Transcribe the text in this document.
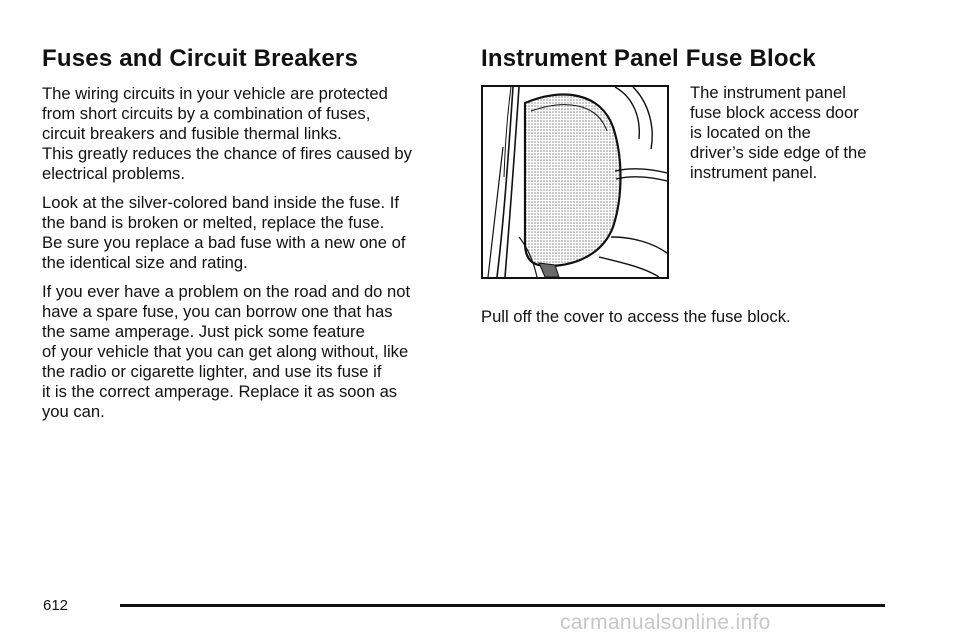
Fuses and Circuit Breakers

The wiring circuits in your vehicle are protected
from short circuits by a combination of fuses,
circuit breakers and fusible thermal links.
This greatly reduces the chance of fires caused by
electrical problems.

Look at the silver-colored band inside the fuse. If
the band is broken or melted, replace the fuse.
Be sure you replace a bad fuse with a new one of
the identical size and rating.

If you ever have a problem on the road and do not
have a spare fuse, you can borrow one that has
the same amperage. Just pick some feature
of your vehicle that you can get along without, like
the radio or cigarette lighter, and use its fuse if
it is the correct amperage. Replace it as soon as
you can.

Instrument Panel Fuse Block
The instrument panel
fuse block access door
is located on the
driver’s side edge of the
instrument panel.

Pull off the cover to access the fuse block.

612
carmanualsonline.info
